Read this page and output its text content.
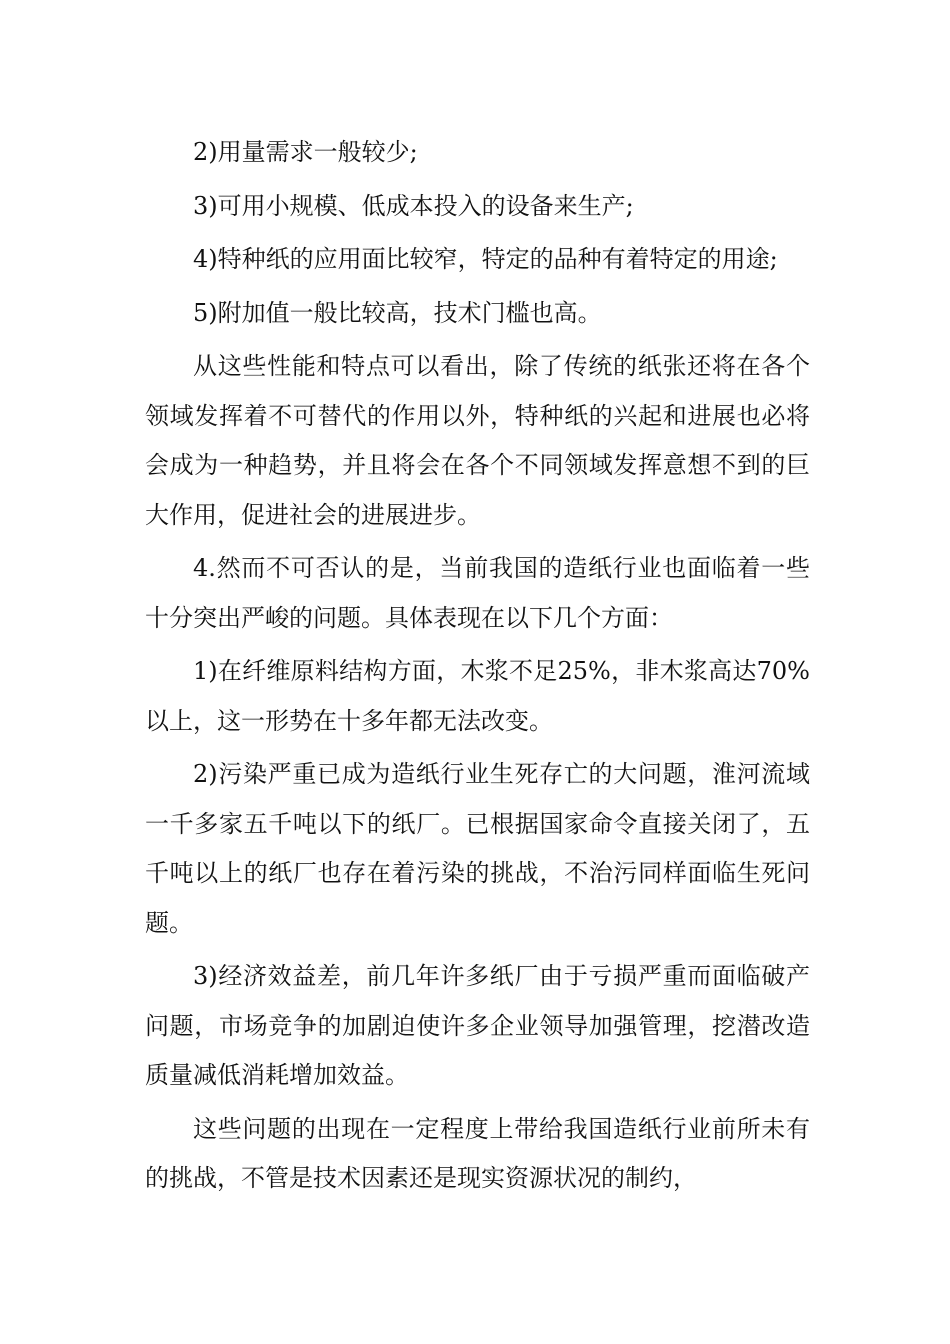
2)用量需求一般较少;

3)可用小规模、低成本投入的设备来生产;

4)特种纸的应用面比较窄，特定的品种有着特定的用途;

5)附加值一般比较高，技术门槛也高。

从这些性能和特点可以看出，除了传统的纸张还将在各个领域发挥着不可替代的作用以外，特种纸的兴起和进展也必将会成为一种趋势，并且将会在各个不同领域发挥意想不到的巨大作用，促进社会的进展进步。

4.然而不可否认的是，当前我国的造纸行业也面临着一些十分突出严峻的问题。具体表现在以下几个方面：

1)在纤维原料结构方面，木浆不足25%，非木浆高达70%以上，这一形势在十多年都无法改变。

2)污染严重已成为造纸行业生死存亡的大问题，淮河流域一千多家五千吨以下的纸厂。已根据国家命令直接关闭了，五千吨以上的纸厂也存在着污染的挑战，不治污同样面临生死问题。

3)经济效益差，前几年许多纸厂由于亏损严重而面临破产问题，市场竞争的加剧迫使许多企业领导加强管理，挖潜改造质量减低消耗增加效益。

这些问题的出现在一定程度上带给我国造纸行业前所未有的挑战，不管是技术因素还是现实资源状况的制约，
